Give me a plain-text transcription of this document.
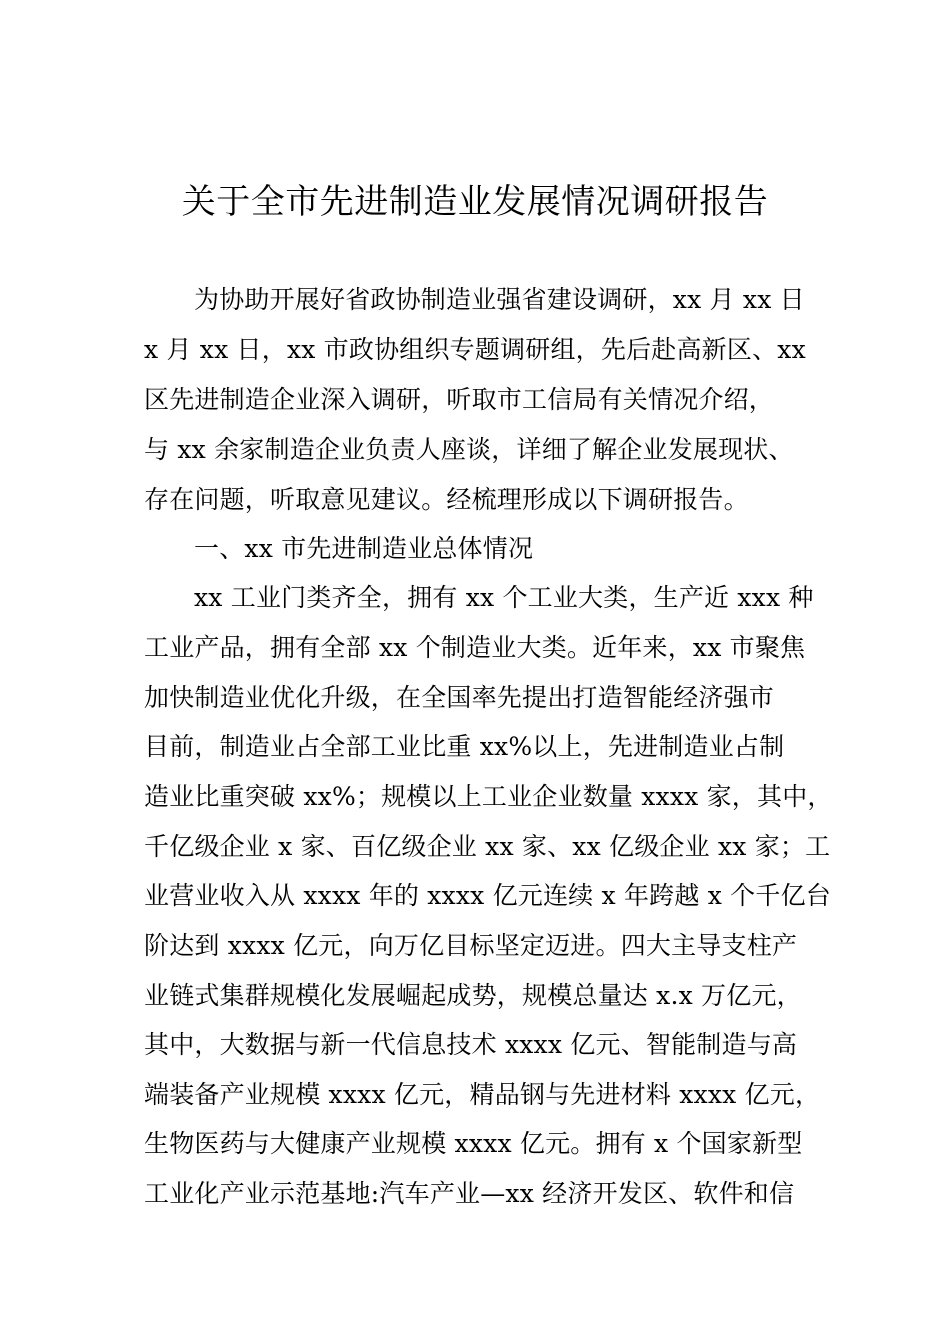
关于全市先进制造业发展情况调研报告
为协助开展好省政协制造业强省建设调研，xx 月 xx 日
x 月 xx 日，xx 市政协组织专题调研组，先后赴高新区、xx
区先进制造企业深入调研，听取市工信局有关情况介绍，
与 xx 余家制造企业负责人座谈，详细了解企业发展现状、
存在问题，听取意见建议。经梳理形成以下调研报告。
一、xx 市先进制造业总体情况
xx 工业门类齐全，拥有 xx 个工业大类，生产近 xxx 种
工业产品，拥有全部 xx 个制造业大类。近年来，xx 市聚焦
加快制造业优化升级，在全国率先提出打造智能经济强市
目前，制造业占全部工业比重 xx%以上，先进制造业占制
造业比重突破 xx%；规模以上工业企业数量 xxxx 家，其中，
千亿级企业 x 家、百亿级企业 xx 家、xx 亿级企业 xx 家；工
业营业收入从 xxxx 年的 xxxx 亿元连续 x 年跨越 x 个千亿台
阶达到 xxxx 亿元，向万亿目标坚定迈进。四大主导支柱产
业链式集群规模化发展崛起成势，规模总量达 x.x 万亿元，
其中，大数据与新一代信息技术 xxxx 亿元、智能制造与高
端装备产业规模 xxxx 亿元，精品钢与先进材料 xxxx 亿元，
生物医药与大健康产业规模 xxxx 亿元。拥有 x 个国家新型
工业化产业示范基地:汽车产业—xx 经济开发区、软件和信
